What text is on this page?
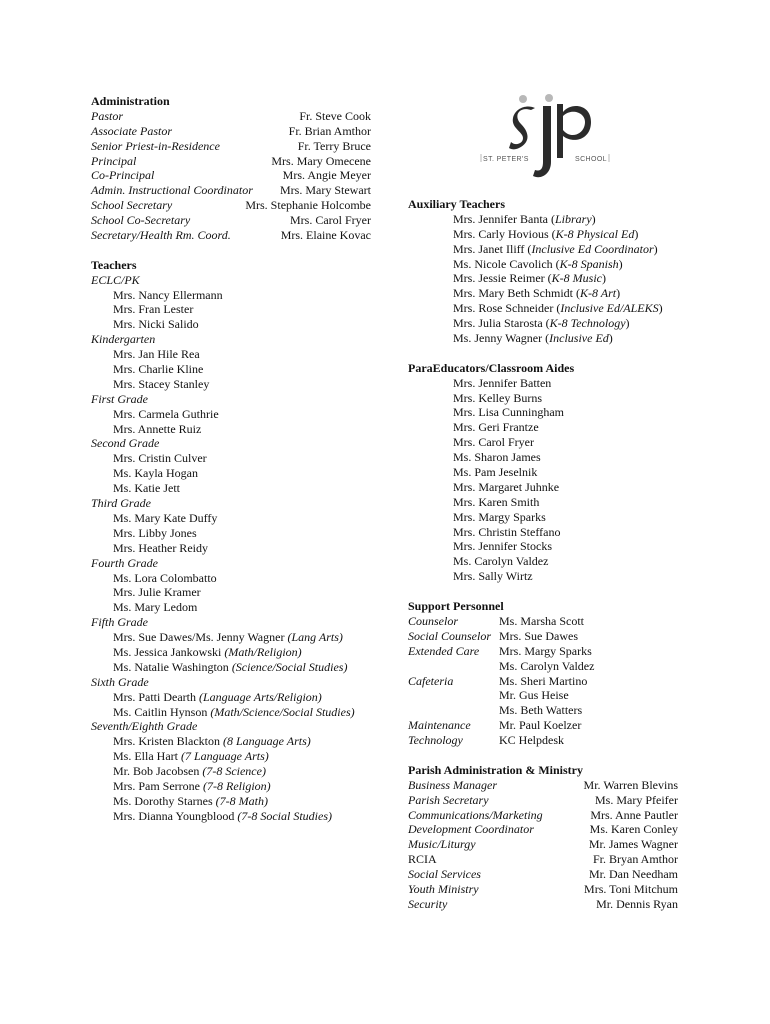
ST. PETER'S	SCHOOL
Administration
Pastor	Fr. Steve Cook
Associate Pastor	Fr. Brian Amthor
Senior Priest-in-Residence	Fr. Terry Bruce
Principal	Mrs. Mary Omecene
Co-Principal	Mrs. Angie Meyer
Admin. Instructional Coordinator Mrs. Mary Stewart
School Secretary	Mrs. Stephanie Holcombe
School Co-Secretary	Mrs. Carol Fryer
Secretary/Health Rm. Coord.	Mrs. Elaine Kovac
Teachers
ECLC/PK
Mrs. Nancy Ellermann
Mrs. Fran Lester
Mrs. Nicki Salido
Kindergarten
Mrs. Jan Hile Rea
Mrs. Charlie Kline
Mrs. Stacey Stanley
First Grade
Mrs. Carmela Guthrie
Mrs. Annette Ruiz
Second Grade
Mrs. Cristin Culver
Ms. Kayla Hogan
Ms. Katie Jett
Third Grade
Ms. Mary Kate Duffy
Mrs. Libby Jones
Mrs. Heather Reidy
Fourth Grade
Ms. Lora Colombatto
Mrs. Julie Kramer
Ms. Mary Ledom
Fifth Grade
Mrs. Sue Dawes/Ms. Jenny Wagner (Lang Arts)
Ms. Jessica Jankowski (Math/Religion)
Ms. Natalie Washington (Science/Social Studies)
Sixth Grade
Mrs. Patti Dearth (Language Arts/Religion)
Ms. Caitlin Hynson (Math/Science/Social Studies)
Seventh/Eighth Grade
Mrs. Kristen Blackton (8 Language Arts)
Ms. Ella Hart (7 Language Arts)
Mr. Bob Jacobsen (7-8 Science)
Mrs. Pam Serrone (7-8 Religion)
Ms. Dorothy Starnes (7-8 Math)
Mrs. Dianna Youngblood (7-8 Social Studies)
Auxiliary Teachers
Mrs. Jennifer Banta (Library)
Mrs. Carly Hovious (K-8 Physical Ed)
Mrs. Janet Iliff (Inclusive Ed Coordinator)
Ms. Nicole Cavolich (K-8 Spanish)
Mrs. Jessie Reimer (K-8 Music)
Mrs. Mary Beth Schmidt (K-8 Art)
Mrs. Rose Schneider (Inclusive Ed/ALEKS)
Mrs. Julia Starosta (K-8 Technology)
Ms. Jenny Wagner (Inclusive Ed)
ParaEducators/Classroom Aides
Mrs. Jennifer Batten
Mrs. Kelley Burns
Mrs. Lisa Cunningham
Mrs. Geri Frantze
Mrs. Carol Fryer
Ms. Sharon James
Ms. Pam Jeselnik
Mrs. Margaret Juhnke
Mrs. Karen Smith
Mrs. Margy Sparks
Mrs. Christin Steffano
Mrs. Jennifer Stocks
Ms. Carolyn Valdez
Mrs. Sally Wirtz
Support Personnel
Counselor	Ms. Marsha Scott
Social Counselor Mrs. Sue Dawes
Extended Care Mrs. Margy Sparks
Ms. Carolyn Valdez
Cafeteria	Ms. Sheri Martino
Mr. Gus Heise
Ms. Beth Watters
Maintenance Mr. Paul Koelzer
Technology	KC Helpdesk
Parish Administration & Ministry
Business Manager	Mr. Warren Blevins
Parish Secretary	Ms. Mary Pfeifer
Communications/Marketing	Mrs. Anne Pautler
Development Coordinator	Ms. Karen Conley
Music/Liturgy	Mr. James Wagner
RCIA	Fr. Bryan Amthor
Social Services	Mr. Dan Needham
Youth Ministry	Mrs. Toni Mitchum
Security	Mr. Dennis Ryan
